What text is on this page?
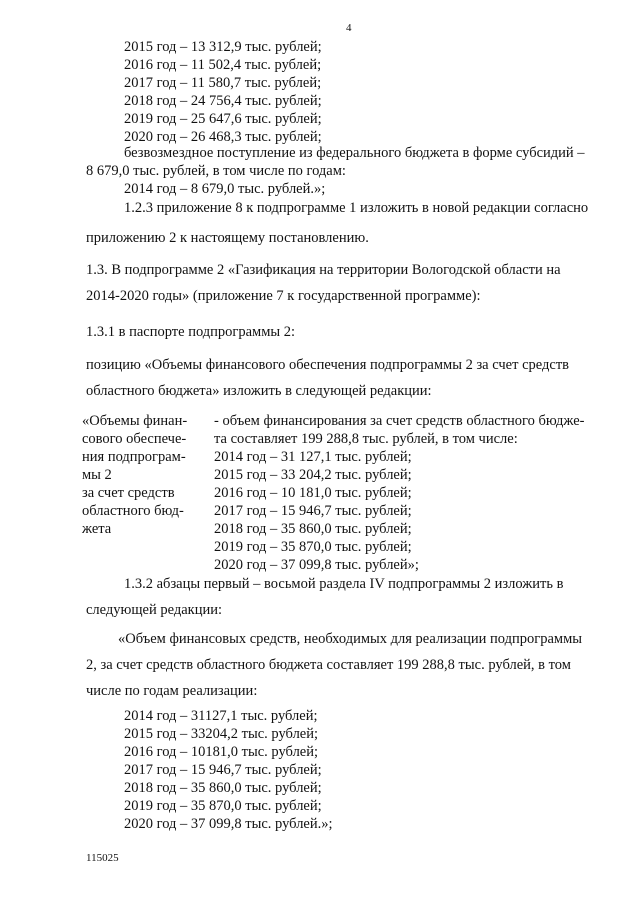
4
2015 год – 13 312,9 тыс. рублей;
2016 год – 11 502,4 тыс. рублей;
2017 год – 11 580,7 тыс. рублей;
2018 год – 24 756,4 тыс. рублей;
2019 год – 25 647,6 тыс. рублей;
2020 год – 26 468,3 тыс. рублей;
безвозмездное поступление из федерального бюджета в форме субсидий –
8 679,0 тыс. рублей, в том числе по годам:
2014 год – 8 679,0 тыс. рублей.»;
1.2.3 приложение 8 к подпрограмме 1 изложить в новой редакции согласно
приложению 2 к настоящему постановлению.
1.3. В подпрограмме 2 «Газификация на территории Вологодской области на
2014-2020 годы» (приложение 7 к государственной программе):
1.3.1 в паспорте подпрограммы 2:
позицию «Объемы финансового обеспечения подпрограммы 2 за счет средств
областного бюджета» изложить в следующей редакции:
«Объемы финан-
сового обеспече-
ния подпрограм-
мы 2
за счет средств
областного бюд-
жета
- объем финансирования за счет средств областного бюдже-
та составляет 199 288,8 тыс. рублей, в том числе:
2014 год – 31 127,1 тыс. рублей;
2015 год – 33 204,2 тыс. рублей;
2016 год – 10 181,0 тыс. рублей;
2017 год – 15 946,7 тыс. рублей;
2018 год – 35 860,0 тыс. рублей;
2019 год – 35 870,0 тыс. рублей;
2020 год – 37 099,8 тыс. рублей»;
1.3.2 абзацы первый – восьмой раздела IV подпрограммы 2 изложить в
следующей редакции:
«Объем финансовых средств, необходимых для реализации подпрограммы
2, за счет средств областного бюджета составляет 199 288,8 тыс. рублей, в том
числе по годам реализации:
2014 год – 31127,1 тыс. рублей;
2015 год – 33204,2 тыс. рублей;
2016 год – 10181,0 тыс. рублей;
2017 год – 15 946,7 тыс. рублей;
2018 год – 35 860,0 тыс. рублей;
2019 год – 35 870,0 тыс. рублей;
2020 год – 37 099,8 тыс. рублей.»;
115025
